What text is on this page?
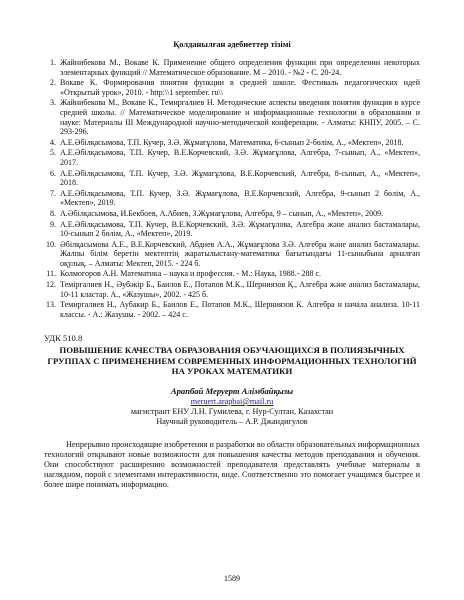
Қолданылған әдебиеттер тізімі
1. Жайнибекова М., Вокаве К. Применение общего определения функции при определении некоторых элементарных функций // Математическое образование. М – 2010. - №2 - С. 20-24.
2. Вокаве К. Формирования понятия функции в средней школе. Фестиваль педагогических идей «Открытый урок», 2010. - http:\\1 september. ru\\
3. Жайнибекова М., Вокаве К., Темиргалиев Н. Методические аспекты введения понятия функция в курсе средней школы. // Математическое моделирование и информационные технологии в образовании и науке: Материалы III Международной научно-методической конференции. - Алматы: КНПУ, 2005. – С. 293-296.
4. А.Е.Әбілқасымова, Т.П. Кучер, З.Ә. Жұмағұлова, Математика, 6-сынып 2-бөлім, А., «Мектеп», 2018.
5. А.Е.Әбілқасымова, Т.П. Кучер, В.Е.Корчевский, З.Ә. Жұмағұлова, Алгебра, 7-сынып, А., «Мектеп», 2017.
6. А.Е.Әбілқасымова, Т.П. Кучер, З.Ә. Жұмағұлова, В.Е.Корчевский, Алгебра, 8-сынып, А., «Мектеп», 2018.
7. А.Е.Әбілқасымова, Т.П. Кучер, З.Ә. Жұмағұлова, В.Е.Корчевский, Алгебра, 9-сынып 2 бөлім, А., «Мектеп», 2019.
8. А.Әбілқасымова, И.Бекбоев, А.Абиев, З.Жұмағұлова, Алгебра, 9 – сынып, А., «Мектеп», 2009.
9. А.Е.Әбілқасымова, Т.П. Кучер, В.Е.Корчевский, З.Ә. Жұмағұлова, Алгебра және анализ бастамалары, 10-сынып 2 бөлім, А., «Мектеп», 2019.
10. Әбілқасымова А.Е., В.Е.Корчевский, Абдиев А.А., Жұмағұлова З.Ә. Алгебра және анализ бастамалары. Жалпы білім беретін мектептің жаратылыстану-математика бағытындағы 11-сыныбына арналған оқулық. – Алматы: Мектеп, 2015. - 224 б.
11. Колмогоров А.Н. Математика – наука и профессия. - М.: Наука, 1988.- 288 с.
12. Темірғалиев Н., Әубәкір Б., Баилов Е., Потапов М.К., Шерниязов Қ., Алгебра және анализ бастамалары, 10-11 кластар. А., «Жазушы», 2002. - 425 б.
13. Темиргалиев Н., Аубакир Б., Баилов Е., Потапов М.К., Шерниязов К. Алгебра и начала анализа. 10-11 классы. - А.: Жазушы. - 2002. – 424 с.
УДК 510.8
ПОВЫШЕНИЕ КАЧЕСТВА ОБРАЗОВАНИЯ ОБУЧАЮЩИХСЯ В ПОЛИЯЗЫЧНЫХ ГРУППАХ С ПРИМЕНЕНИЕМ СОВРЕМЕННЫХ ИНФОРМАЦИОННЫХ ТЕХНОЛОГИЙ НА УРОКАХ МАТЕМАТИКИ
Арапбай Меруерт Алімбайқызы
meruert.arapbai@mail.ru
магистрант ЕНУ Л.Н. Гумилева, г. Нур-Султан, Казахстан
Научный руководитель – А.Р. Джандигулов

Непрерывно происходящие изобретения и разработки во области образовательных информационных технологий открывают новые возможности для повышения качества методов преподавания и обучения. Они способствуют расширению возможностей преподавателя представлять учебные материалы в наглядном, порой с элементами интерактивности, виде. Соответственно это помогает учащимся быстрее и более шире понимать информацию.

1589
